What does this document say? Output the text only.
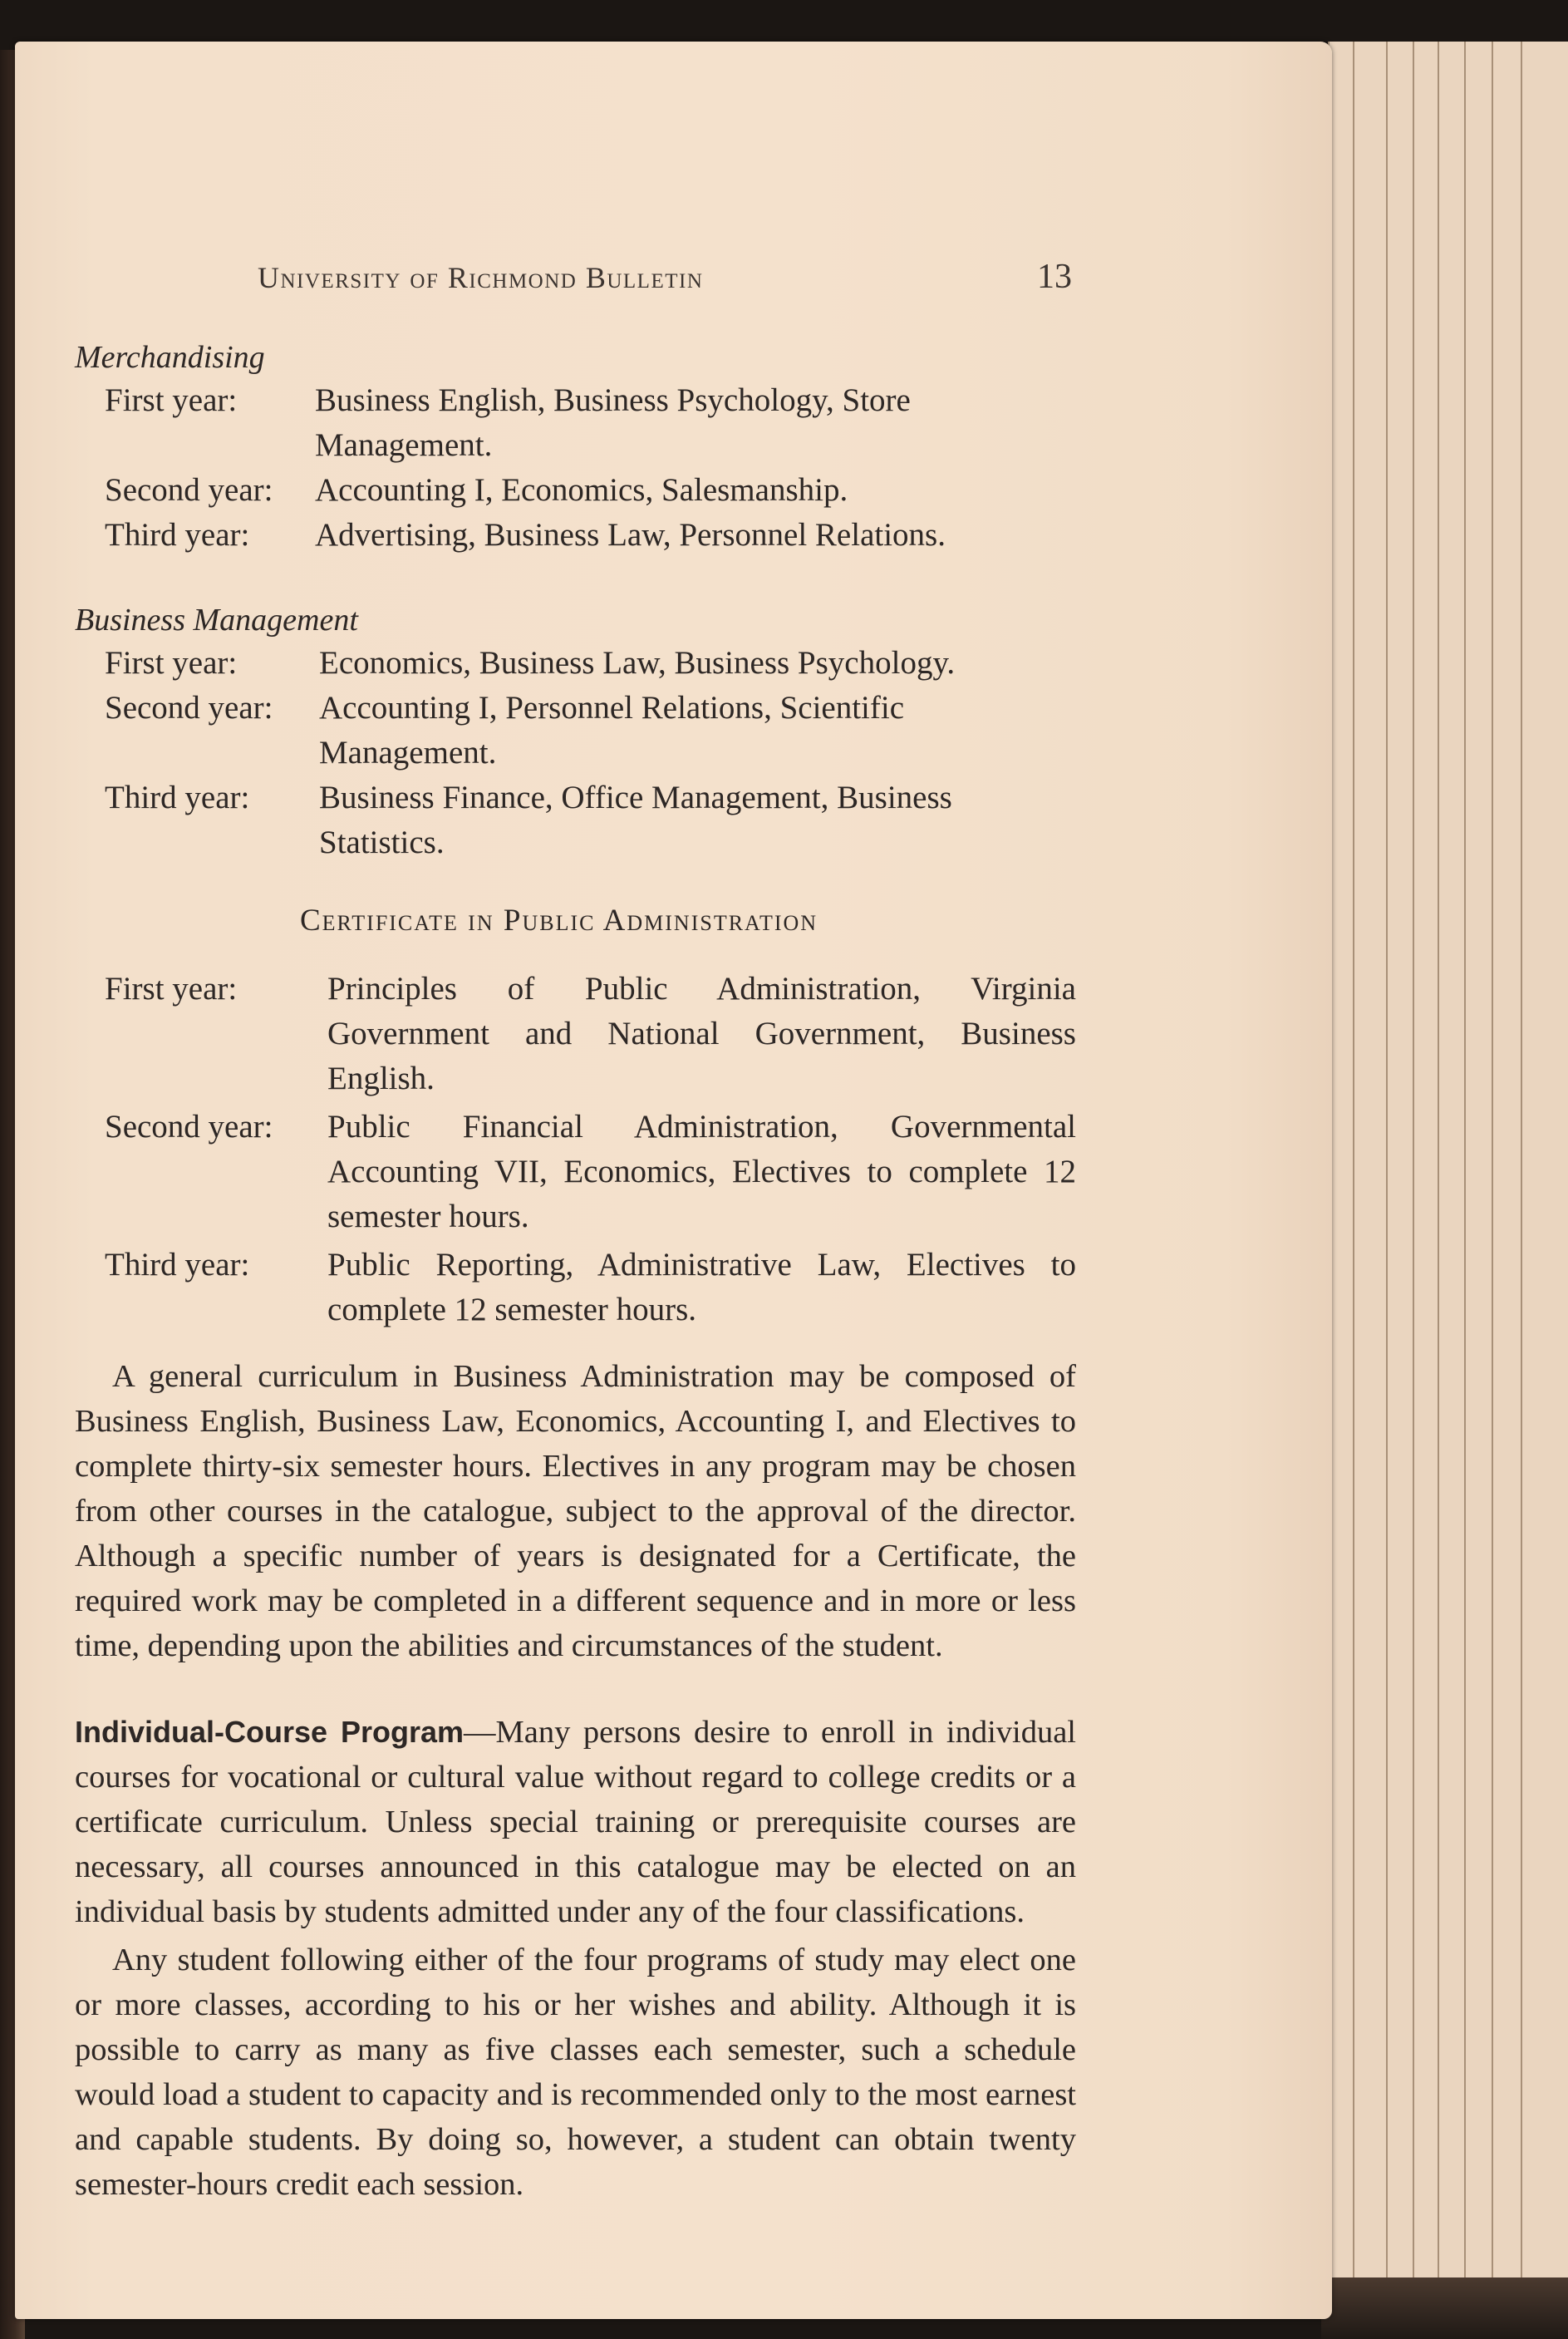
University of Richmond Bulletin	13

Merchandising

First year:	Business English, Business Psychology, Store Management.
Second year:	Accounting I, Economics, Salesmanship.
Third year:	Advertising, Business Law, Personnel Relations.

Business Management

First year:	Economics, Business Law, Business Psychology.
Second year:	Accounting I, Personnel Relations, Scientific Management.
Third year:	Business Finance, Office Management, Business Statistics.

Certificate in Public Administration

First year:	Principles of Public Administration, Virginia Government and National Government, Business English.
Second year:	Public Financial Administration, Governmental Accounting VII, Economics, Electives to complete 12 semester hours.
Third year:	Public Reporting, Administrative Law, Electives to complete 12 semester hours.

A general curriculum in Business Administration may be composed of Business English, Business Law, Economics, Accounting I, and Electives to complete thirty-six semester hours. Electives in any program may be chosen from other courses in the catalogue, subject to the approval of the director. Although a specific number of years is designated for a Certificate, the required work may be completed in a different sequence and in more or less time, depending upon the abilities and circumstances of the student.

Individual-Course Program—Many persons desire to enroll in individual courses for vocational or cultural value without regard to college credits or a certificate curriculum. Unless special training or prerequisite courses are necessary, all courses announced in this catalogue may be elected on an individual basis by students admitted under any of the four classifications.

Any student following either of the four programs of study may elect one or more classes, according to his or her wishes and ability. Although it is possible to carry as many as five classes each semester, such a schedule would load a student to capacity and is recommended only to the most earnest and capable students. By doing so, however, a student can obtain twenty semester-hours credit each session.
